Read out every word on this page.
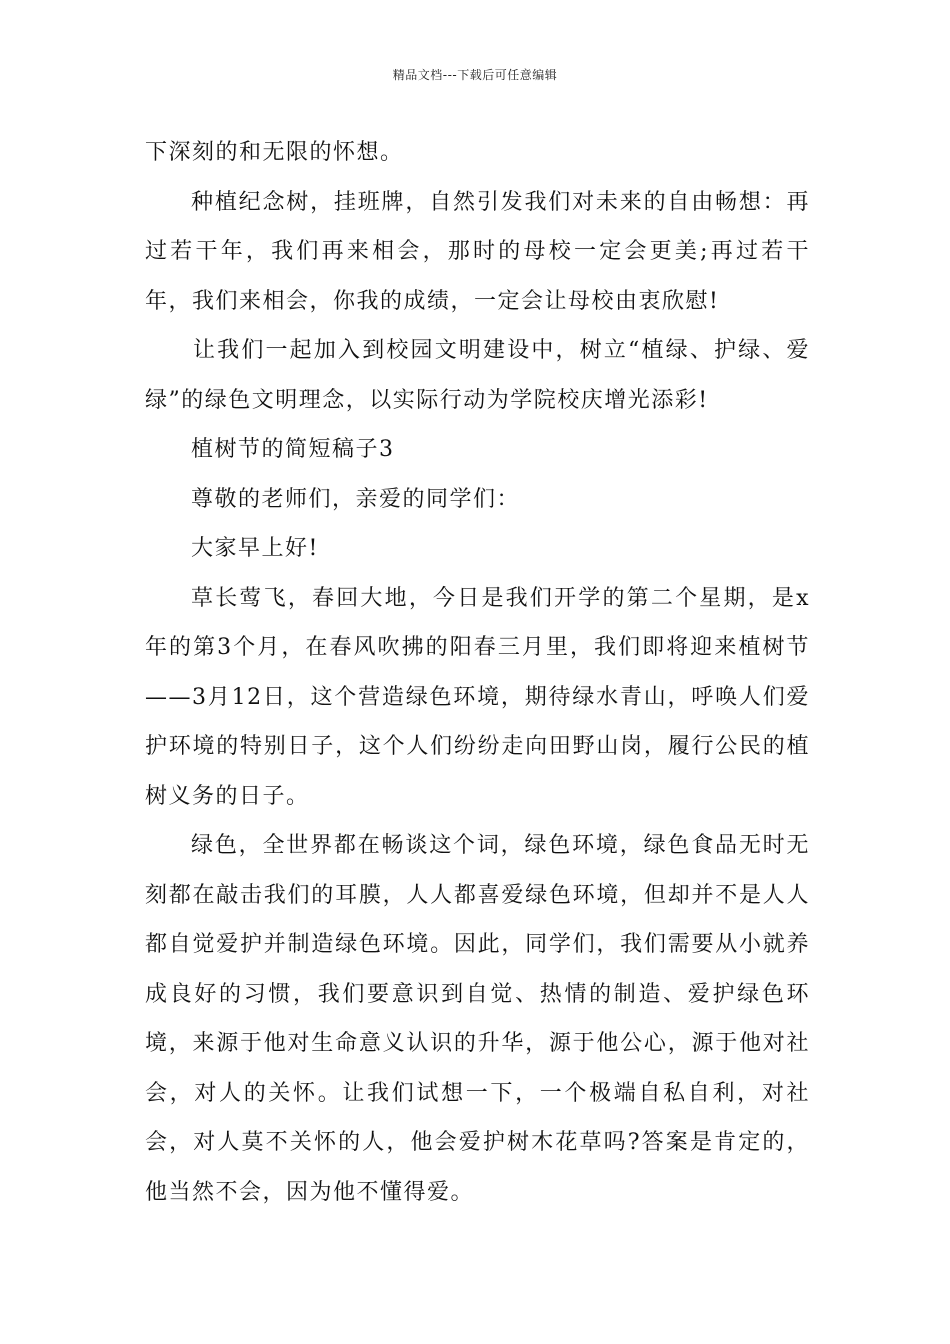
精品文档---下载后可任意编辑

下深刻的和无限的怀想。

种植纪念树，挂班牌，自然引发我们对未来的自由畅想：再过若干年，我们再来相会，那时的母校一定会更美;再过若干年，我们来相会，你我的成绩，一定会让母校由衷欣慰!

让我们一起加入到校园文明建设中，树立“植绿、护绿、爱绿”的绿色文明理念，以实际行动为学院校庆增光添彩!

植树节的简短稿子3

尊敬的老师们，亲爱的同学们：

大家早上好!

草长莺飞，春回大地，今日是我们开学的第二个星期，是x年的第3个月，在春风吹拂的阳春三月里，我们即将迎来植树节——3月12日，这个营造绿色环境，期待绿水青山，呼唤人们爱护环境的特别日子，这个人们纷纷走向田野山岗，履行公民的植树义务的日子。

绿色，全世界都在畅谈这个词，绿色环境，绿色食品无时无刻都在敲击我们的耳膜，人人都喜爱绿色环境，但却并不是人人都自觉爱护并制造绿色环境。因此，同学们，我们需要从小就养成良好的习惯，我们要意识到自觉、热情的制造、爱护绿色环境，来源于他对生命意义认识的升华，源于他公心，源于他对社会，对人的关怀。让我们试想一下，一个极端自私自利，对社会，对人莫不关怀的人，他会爱护树木花草吗?答案是肯定的，他当然不会，因为他不懂得爱。
